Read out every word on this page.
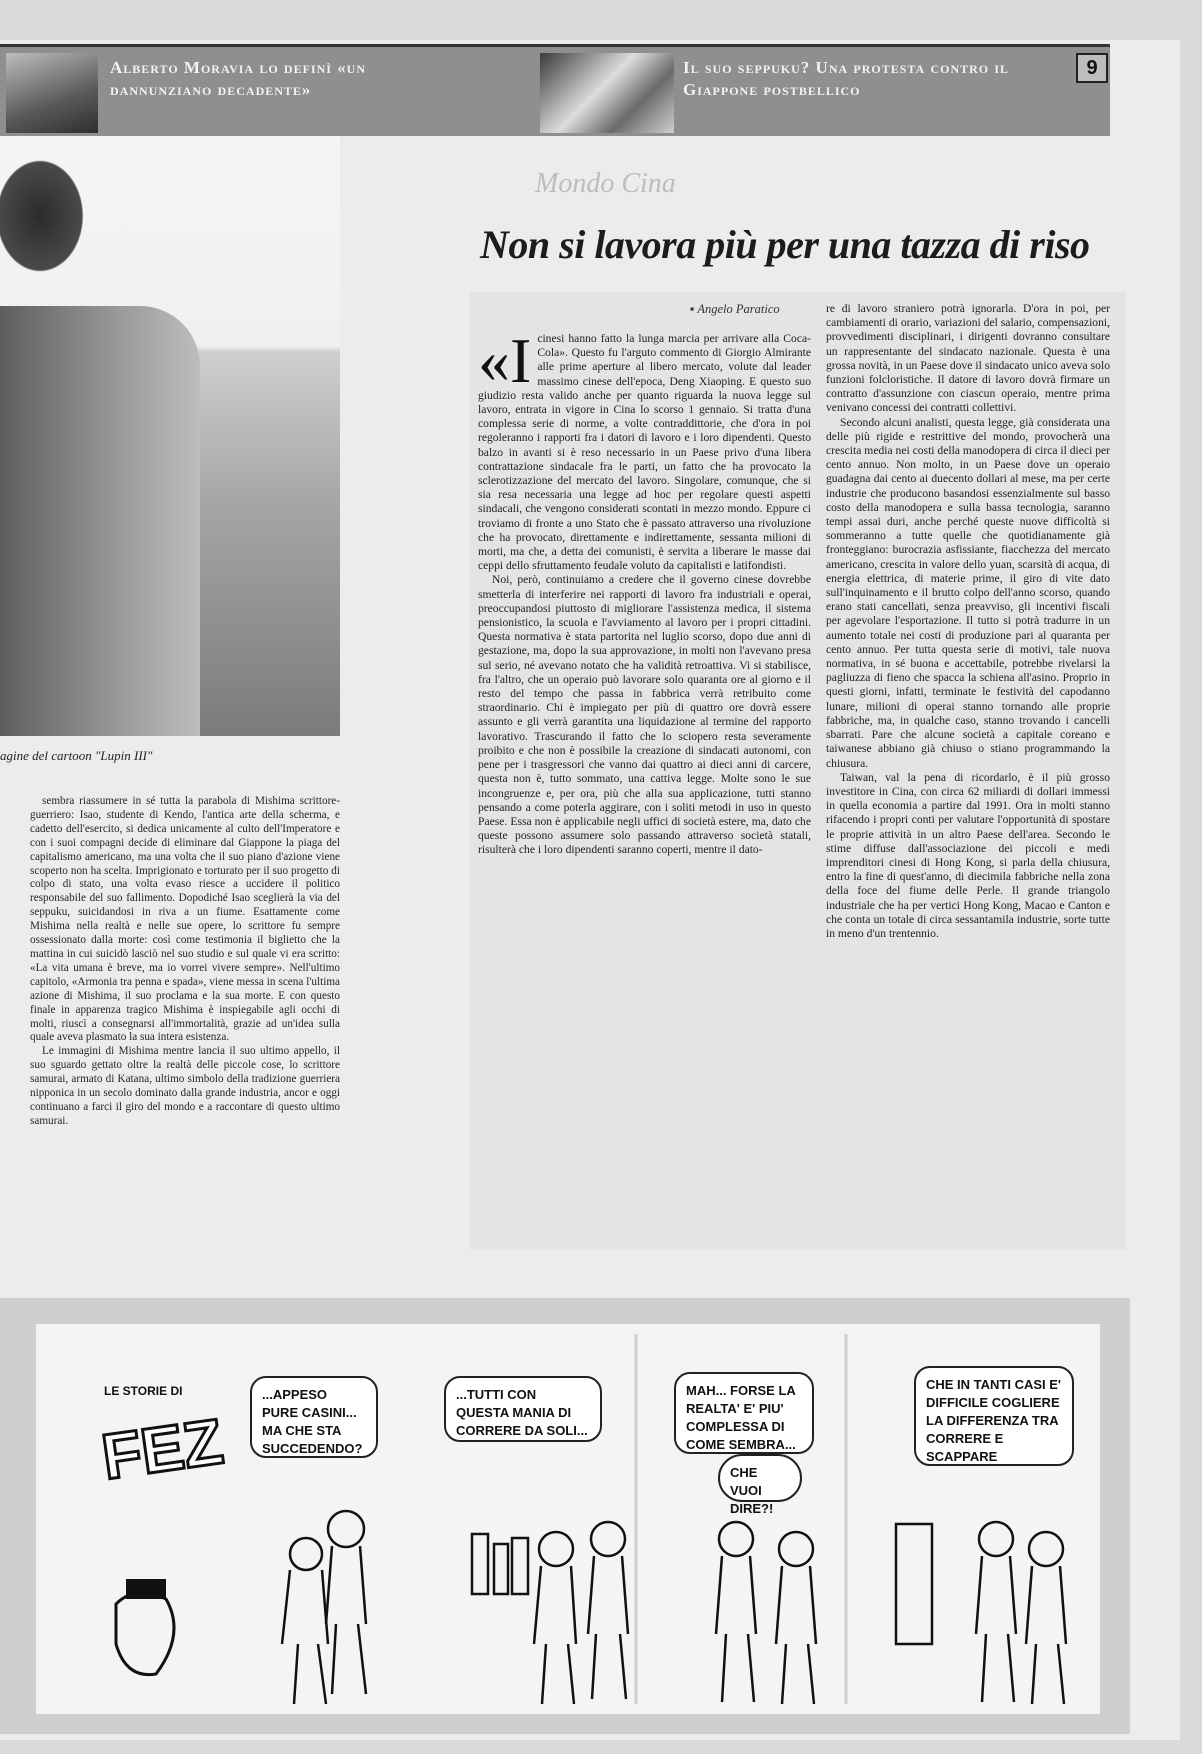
Alberto Moravia lo definì «un dannunziano decadente»
Il suo seppuku? Una protesta contro il Giappone postbellico
9
agine del cartoon "Lupin III"

sembra riassumere in sé tutta la parabola di Mishima scrittore-guerriero: Isao, studente di Kendo, l'antica arte della scherma, e cadetto dell'esercito, si dedica unicamente al culto dell'Imperatore e con i suoi compagni decide di eliminare dal Giappone la piaga del capitalismo americano, ma una volta che il suo piano d'azione viene scoperto non ha scelta. Imprigionato e torturato per il suo progetto di colpo di stato, una volta evaso riesce a uccidere il politico responsabile del suo fallimento. Dopodiché Isao sceglierà la via del seppuku, suicidandosi in riva a un fiume. Esattamente come Mishima nella realtà e nelle sue opere, lo scrittore fu sempre ossessionato dalla morte: così come testimonia il biglietto che la mattina in cui suicidò lasciò nel suo studio e sul quale vi era scritto: «La vita umana è breve, ma io vorrei vivere sempre». Nell'ultimo capitolo, «Armonia tra penna e spada», viene messa in scena l'ultima azione di Mishima, il suo proclama e la sua morte. E con questo finale in apparenza tragico Mishima è inspiegabile agli occhi di molti, riuscì a consegnarsi all'immortalità, grazie ad un'idea sulla quale aveva plasmato la sua intera esistenza.

Le immagini di Mishima mentre lancia il suo ultimo appello, il suo sguardo gettato oltre la realtà delle piccole cose, lo scrittore samurai, armato di Katana, ultimo simbolo della tradizione guerriera nipponica in un secolo dominato dalla grande industria, ancor e oggi continuano a farci il giro del mondo e a raccontare di questo ultimo samurai.

Mondo Cina
Non si lavora più per una tazza di riso
▪ Angelo Paratico

«Icinesi hanno fatto la lunga marcia per arrivare alla Coca-Cola». Questo fu l'arguto commento di Giorgio Almirante alle prime aperture al libero mercato, volute dal leader massimo cinese dell'epoca, Deng Xiaoping. E questo suo giudizio resta valido anche per quanto riguarda la nuova legge sul lavoro, entrata in vigore in Cina lo scorso 1 gennaio. Si tratta d'una complessa serie di norme, a volte contraddittorie, che d'ora in poi regoleranno i rapporti fra i datori di lavoro e i loro dipendenti. Questo balzo in avanti si è reso necessario in un Paese privo d'una libera contrattazione sindacale fra le parti, un fatto che ha provocato la sclerotizzazione del mercato del lavoro. Singolare, comunque, che si sia resa necessaria una legge ad hoc per regolare questi aspetti sindacali, che vengono considerati scontati in mezzo mondo. Eppure ci troviamo di fronte a uno Stato che è passato attraverso una rivoluzione che ha provocato, direttamente e indirettamente, sessanta milioni di morti, ma che, a detta dei comunisti, è servita a liberare le masse dai ceppi dello sfruttamento feudale voluto da capitalisti e latifondisti.

Noi, però, continuiamo a credere che il governo cinese dovrebbe smetterla di interferire nei rapporti di lavoro fra industriali e operai, preoccupandosi piuttosto di migliorare l'assistenza medica, il sistema pensionistico, la scuola e l'avviamento al lavoro per i propri cittadini. Questa normativa è stata partorita nel luglio scorso, dopo due anni di gestazione, ma, dopo la sua approvazione, in molti non l'avevano presa sul serio, né avevano notato che ha validità retroattiva. Vi si stabilisce, fra l'altro, che un operaio può lavorare solo quaranta ore al giorno e il resto del tempo che passa in fabbrica verrà retribuito come straordinario. Chi è impiegato per più di quattro ore dovrà essere assunto e gli verrà garantita una liquidazione al termine del rapporto lavorativo. Trascurando il fatto che lo sciopero resta severamente proibito e che non è possibile la creazione di sindacati autonomi, con pene per i trasgressori che vanno dai quattro ai dieci anni di carcere, questa non è, tutto sommato, una cattiva legge. Molte sono le sue incongruenze e, per ora, più che alla sua applicazione, tutti stanno pensando a come poterla aggirare, con i soliti metodi in uso in questo Paese. Essa non è applicabile negli uffici di società estere, ma, dato che queste possono assumere solo passando attraverso società statali, risulterà che i loro dipendenti saranno coperti, mentre il dato-

re di lavoro straniero potrà ignorarla. D'ora in poi, per cambiamenti di orario, variazioni del salario, compensazioni, provvedimenti disciplinari, i dirigenti dovranno consultare un rappresentante del sindacato nazionale. Questa è una grossa novità, in un Paese dove il sindacato unico aveva solo funzioni folcloristiche. Il datore di lavoro dovrà firmare un contratto d'assunzione con ciascun operaio, mentre prima venivano concessi dei contratti collettivi.

Secondo alcuni analisti, questa legge, già considerata una delle più rigide e restrittive del mondo, provocherà una crescita media nei costi della manodopera di circa il dieci per cento annuo. Non molto, in un Paese dove un operaio guadagna dai cento ai duecento dollari al mese, ma per certe industrie che producono basandosi essenzialmente sul basso costo della manodopera e sulla bassa tecnologia, saranno tempi assai duri, anche perché queste nuove difficoltà si sommeranno a tutte quelle che quotidianamente già fronteggiano: burocrazia asfissiante, fiacchezza del mercato americano, crescita in valore dello yuan, scarsità di acqua, di energia elettrica, di materie prime, il giro di vite dato sull'inquinamento e il brutto colpo dell'anno scorso, quando erano stati cancellati, senza preavviso, gli incentivi fiscali per agevolare l'esportazione. Il tutto si potrà tradurre in un aumento totale nei costi di produzione pari al quaranta per cento annuo. Per tutta questa serie di motivi, tale nuova normativa, in sé buona e accettabile, potrebbe rivelarsi la pagliuzza di fieno che spacca la schiena all'asino. Proprio in questi giorni, infatti, terminate le festività del capodanno lunare, milioni di operai stanno tornando alle proprie fabbriche, ma, in qualche caso, stanno trovando i cancelli sbarrati. Pare che alcune società a capitale coreano e taiwanese abbiano già chiuso o stiano programmando la chiusura.

Taiwan, val la pena di ricordarlo, è il più grosso investitore in Cina, con circa 62 miliardi di dollari immessi in quella economia a partire dal 1991. Ora in molti stanno rifacendo i propri conti per valutare l'opportunità di spostare le proprie attività in un altro Paese dell'area. Secondo le stime diffuse dall'associazione dei piccoli e medi imprenditori cinesi di Hong Kong, si parla della chiusura, entro la fine di quest'anno, di diecimila fabbriche nella zona della foce del fiume delle Perle. Il grande triangolo industriale che ha per vertici Hong Kong, Macao e Canton e che conta un totale di circa sessantamila industrie, sorte tutte in meno d'un trentennio.

LE STORIE DI
FEZ
...APPESO PURE CASINI... MA CHE STA SUCCEDENDO?
...TUTTI CON QUESTA MANIA DI CORRERE DA SOLI...
MAH... FORSE LA REALTA' E' PIU' COMPLESSA DI COME SEMBRA...
CHE VUOI DIRE?!
CHE IN TANTI CASI E' DIFFICILE COGLIERE LA DIFFERENZA TRA CORRERE E SCAPPARE
